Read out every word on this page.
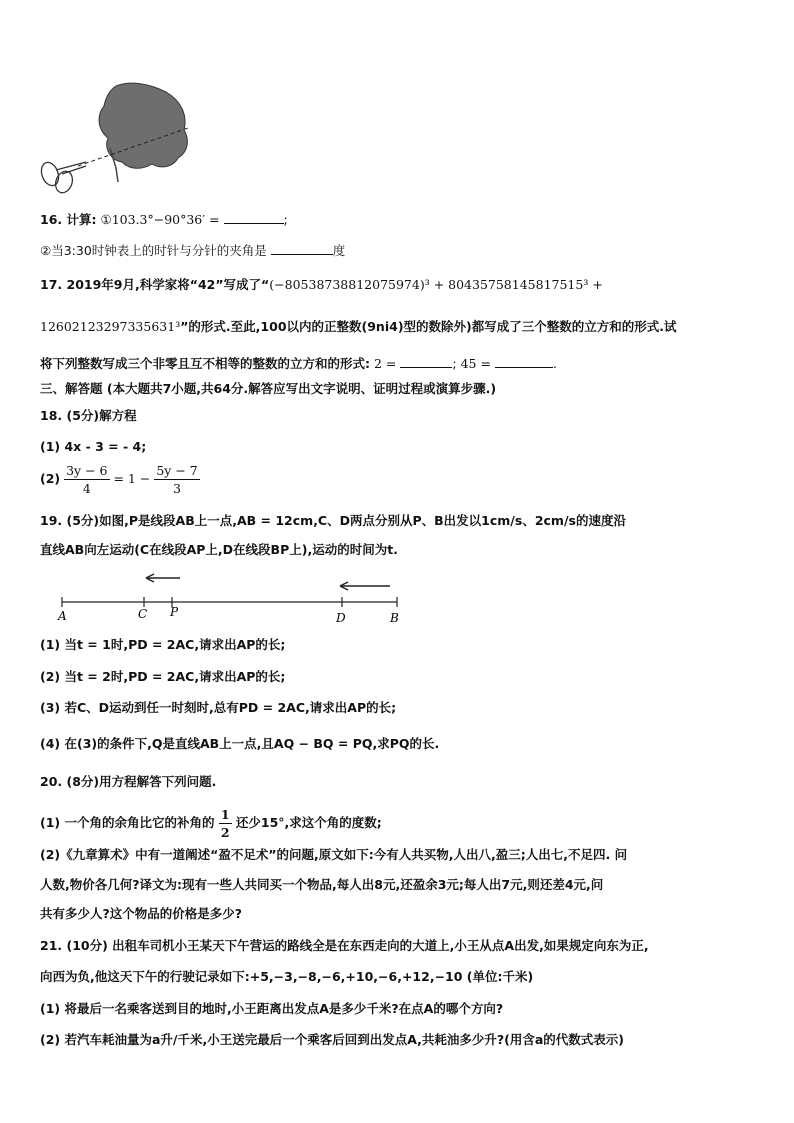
16. 计算: ①103.3°−90°36′ =	;
②当3:30时钟表上的时针与分针的夹角是	度
17. 2019年9月,科学家将“42”写成了“(−80538738812075974)³ + 80435758145817515³ +
12602123297335631³”的形式.至此,100以内的正整数(9ni4)型的数除外)都写成了三个整数的立方和的形式.试
将下列整数写成三个非零且互不相等的整数的立方和的形式: 2 =	; 45 =	.
三、解答题 (本大题共7小题,共64分.解答应写出文字说明、证明过程或演算步骤.)
18. (5分)解方程
(1) 4x - 3 = - 4;
$(2) \frac{3y - 6}{4} = 1 - \frac{5y - 7}{3}$
19. (5分)如图,P是线段AB上一点,AB = 12cm,C、D两点分别从P、B出发以1cm/s、2cm/s的速度沿
直线AB向左运动(C在线段AP上,D在线段BP上),运动的时间为t.
A	C P	D	B
(1) 当t = 1时,PD = 2AC,请求出AP的长;
(2) 当t = 2时,PD = 2AC,请求出AP的长;
(3) 若C、D运动到任一时刻时,总有PD = 2AC,请求出AP的长;
(4) 在(3)的条件下,Q是直线AB上一点,且AQ − BQ = PQ,求PQ的长.
20. (8分)用方程解答下列问题.
(1) 一个角的余角比它的补角的 $\frac{1}{2}$ 还少15°,求这个角的度数;
(2)《九章算术》中有一道阐述“盈不足术”的问题,原文如下:今有人共买物,人出八,盈三;人出七,不足四. 问
人数,物价各几何?译文为:现有一些人共同买一个物品,每人出8元,还盈余3元;每人出7元,则还差4元,问
共有多少人?这个物品的价格是多少?
21. (10分) 出租车司机小王某天下午营运的路线全是在东西走向的大道上,小王从点A出发,如果规定向东为正,
向西为负,他这天下午的行驶记录如下:+5,−3,−8,−6,+10,−6,+12,−10 (单位:千米)
(1) 将最后一名乘客送到目的地时,小王距离出发点A是多少千米?在点A的哪个方向?
(2) 若汽车耗油量为a升/千米,小王送完最后一个乘客后回到出发点A,共耗油多少升?(用含a的代数式表示)
